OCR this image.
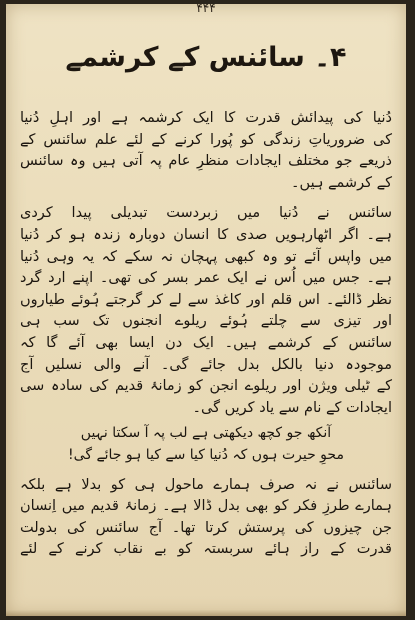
۴۴۴
۴۔ سائنس کے کرشمے

دُنیا کی پیدائش قدرت کا ایک کرشمہ ہے اور اہلِ دُنیا
کی ضروریاتِ زندگی کو پُورا کرنے کے لئے علم سائنس کے
ذریعے جو مختلف ایجادات منظرِ عام پہ آتی ہیں وہ سائنس
کے کرشمے ہیں۔

سائنس نے دُنیا میں زبردست تبدیلی پیدا کردی
ہے۔ اگر اٹھارہویں صدی کا انسان دوبارہ زندہ ہو کر دُنیا
میں واپس آئے تو وہ کبھی پہچان نہ سکے کہ یہ وہی دُنیا
ہے۔ جس میں اُس نے ایک عمر بسر کی تھی۔ اپنے ارد گرد
نظر ڈالئے۔ اس قلم اور کاغذ سے لے کر گرجتے ہُوئے طیاروں
اور تیزی سے چلتے ہُوئے ریلوے انجنوں تک سب ہی
سائنس کے کرشمے ہیں۔ ایک دن ایسا بھی آئے گا کہ
موجودہ دنیا بالکل بدل جائے گی۔ آنے والی نسلیں آج
کے ٹیلی ویژن اور ریلوے انجن کو زمانۂ قدیم کی سادہ سی
ایجادات کے نام سے یاد کریں گی۔

آنکھ جو کچھ دیکھتی ہے لب پہ آ سکتا نہیں
محوِ حیرت ہوں کہ دُنیا کیا سے کیا ہو جائے گی!

سائنس نے نہ صرف ہمارے ماحول ہی کو بدلا ہے بلکہ
ہمارے طرزِ فکر کو بھی بدل ڈالا ہے۔ زمانۂ قدیم میں اِنسان
جن چیزوں کی پرستش کرتا تھا۔ آج سائنس کی بدولت
قدرت کے راز ہائے سربستہ کو بے نقاب کرنے کے لئے
